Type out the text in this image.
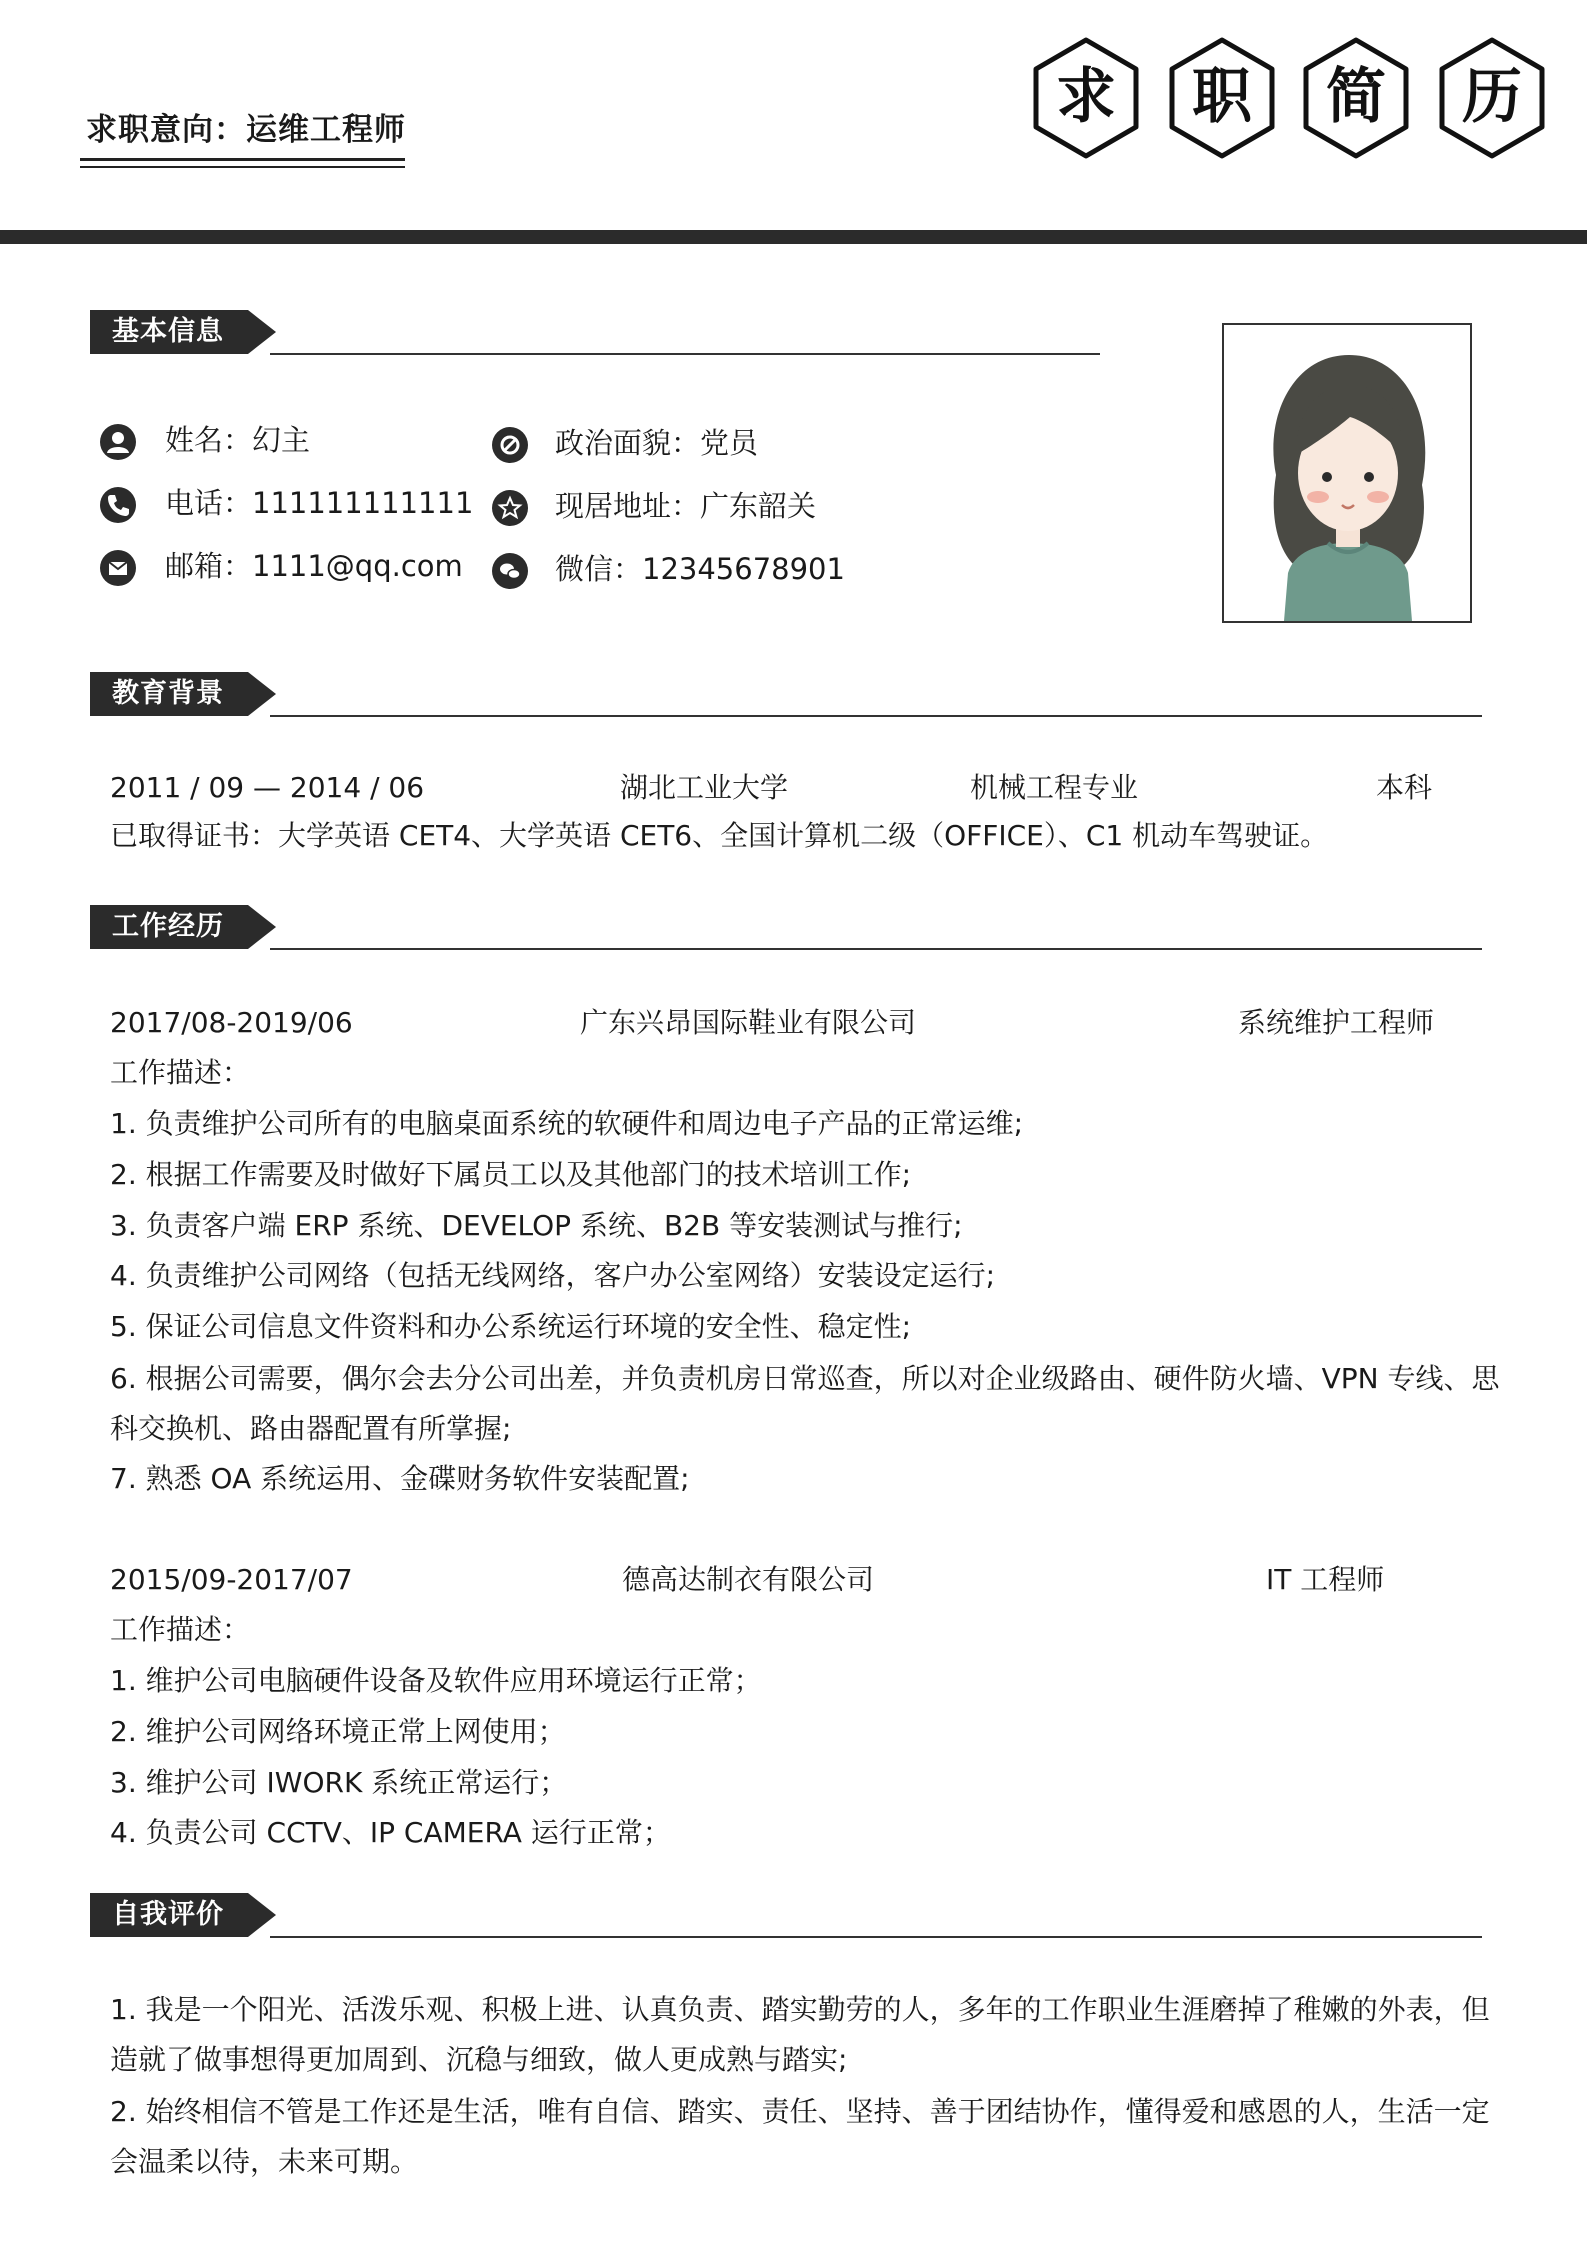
求职意向：运维工程师	求 职 简 历
基本信息
姓名：幻主
电话：111111111111
邮箱：1111@qq.com
政治面貌：党员
现居地址：广东韶关
微信：12345678901
教育背景
2011 / 09 — 2014 / 06	湖北工业大学	机械工程专业	本科
已取得证书：大学英语 CET4、大学英语 CET6、全国计算机二级（OFFICE）、C1 机动车驾驶证。
工作经历
2017/08-2019/06	广东兴昂国际鞋业有限公司	系统维护工程师
工作描述：
1. 负责维护公司所有的电脑桌面系统的软硬件和周边电子产品的正常运维;
2. 根据工作需要及时做好下属员工以及其他部门的技术培训工作;
3. 负责客户端 ERP 系统、DEVELOP 系统、B2B 等安装测试与推行;
4. 负责维护公司网络（包括无线网络，客户办公室网络）安装设定运行;
5. 保证公司信息文件资料和办公系统运行环境的安全性、稳定性;
6. 根据公司需要，偶尔会去分公司出差，并负责机房日常巡查，所以对企业级路由、硬件防火墙、VPN 专线、思科交换机、路由器配置有所掌握;
7. 熟悉 OA 系统运用、金碟财务软件安装配置;
2015/09-2017/07	德高达制衣有限公司	IT 工程师
工作描述：
1. 维护公司电脑硬件设备及软件应用环境运行正常；
2. 维护公司网络环境正常上网使用；
3. 维护公司 IWORK 系统正常运行；
4. 负责公司 CCTV、IP CAMERA 运行正常；
自我评价
1. 我是一个阳光、活泼乐观、积极上进、认真负责、踏实勤劳的人，多年的工作职业生涯磨掉了稚嫩的外表，但造就了做事想得更加周到、沉稳与细致，做人更成熟与踏实;
2. 始终相信不管是工作还是生活，唯有自信、踏实、责任、坚持、善于团结协作，懂得爱和感恩的人，生活一定会温柔以待，未来可期。
